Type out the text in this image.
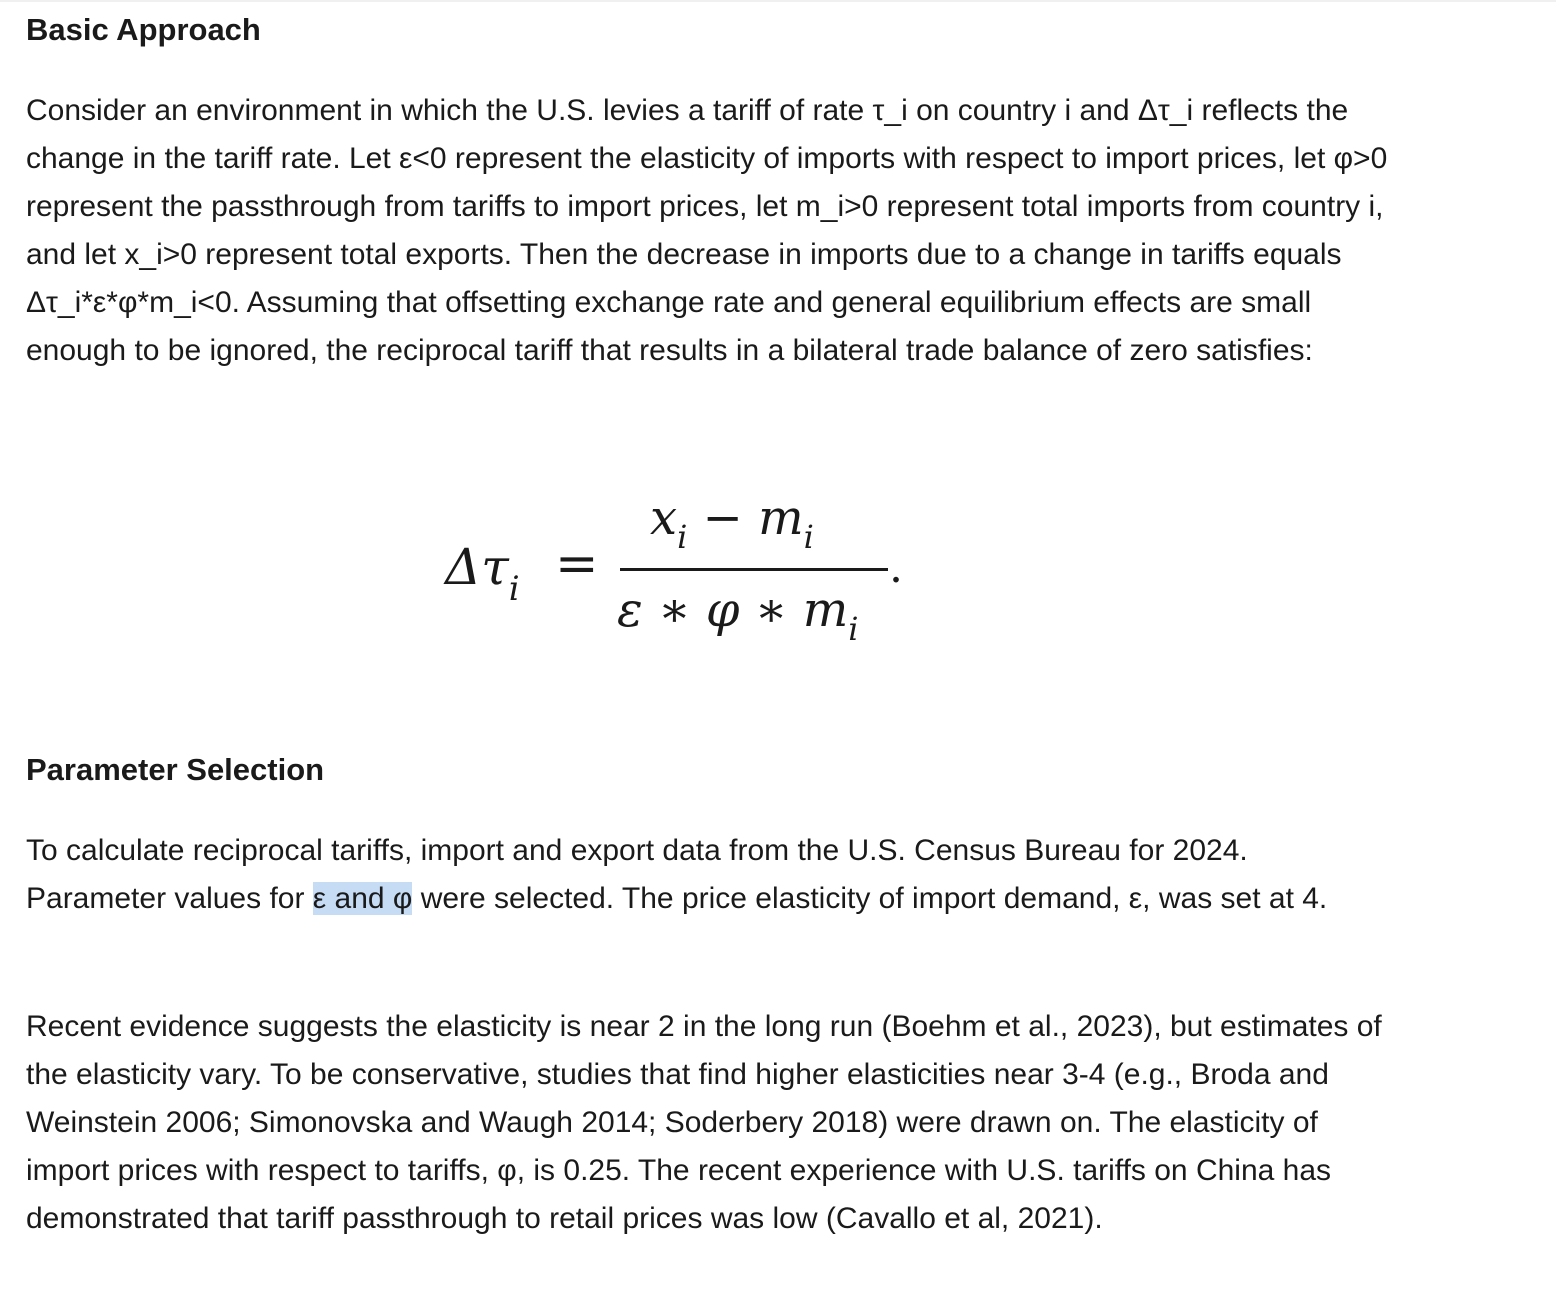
Basic Approach

Consider an environment in which the U.S. levies a tariff of rate τ_i on country i and Δτ_i reflects the change in the tariff rate. Let ε<0 represent the elasticity of imports with respect to import prices, let φ>0 represent the passthrough from tariffs to import prices, let m_i>0 represent total imports from country i, and let x_i>0 represent total exports. Then the decrease in imports due to a change in tariffs equals Δτ_i*ε*φ*m_i<0. Assuming that offsetting exchange rate and general equilibrium effects are small enough to be ignored, the reciprocal tariff that results in a bilateral trade balance of zero satisfies:

Parameter Selection

To calculate reciprocal tariffs, import and export data from the U.S. Census Bureau for 2024. Parameter values for ε and φ were selected. The price elasticity of import demand, ε, was set at 4.

Recent evidence suggests the elasticity is near 2 in the long run (Boehm et al., 2023), but estimates of the elasticity vary. To be conservative, studies that find higher elasticities near 3-4 (e.g., Broda and Weinstein 2006; Simonovska and Waugh 2014; Soderbery 2018) were drawn on. The elasticity of import prices with respect to tariffs, φ, is 0.25. The recent experience with U.S. tariffs on China has demonstrated that tariff passthrough to retail prices was low (Cavallo et al, 2021).

$\Delta\tau_i$ =
$x_i - m_i$
ε ∗ φ ∗ $m_i$
.
